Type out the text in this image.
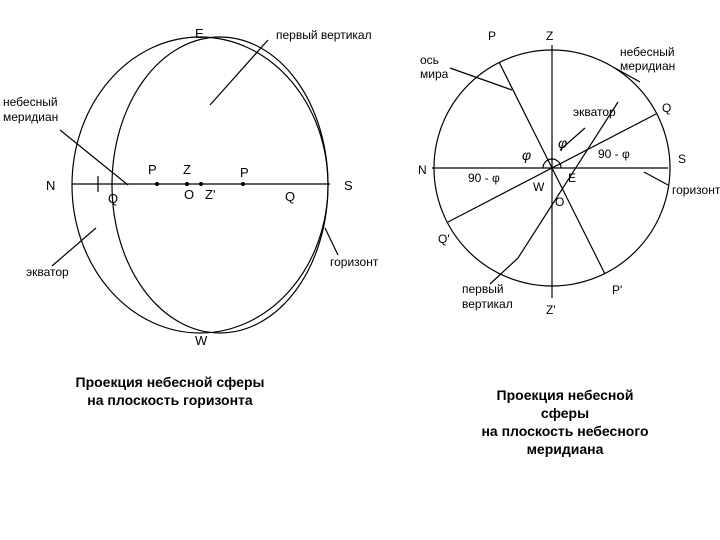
E
W
N	S
Q	Q
P	P
Z
O Z'
первый вертикал
небесный
меридиан
экватор
горизонт
Z
Z'
N
S
E
W
O
Q
Q'
P
P'
ось
мира
небесный
меридиан
экватор
горизонт
φ
φ
90 - φ
90 - φ
первый
вертикал
Проекция небесной сферы
на плоскость горизонта	Проекция небесной
сферы
на плоскость небесного
меридиана
